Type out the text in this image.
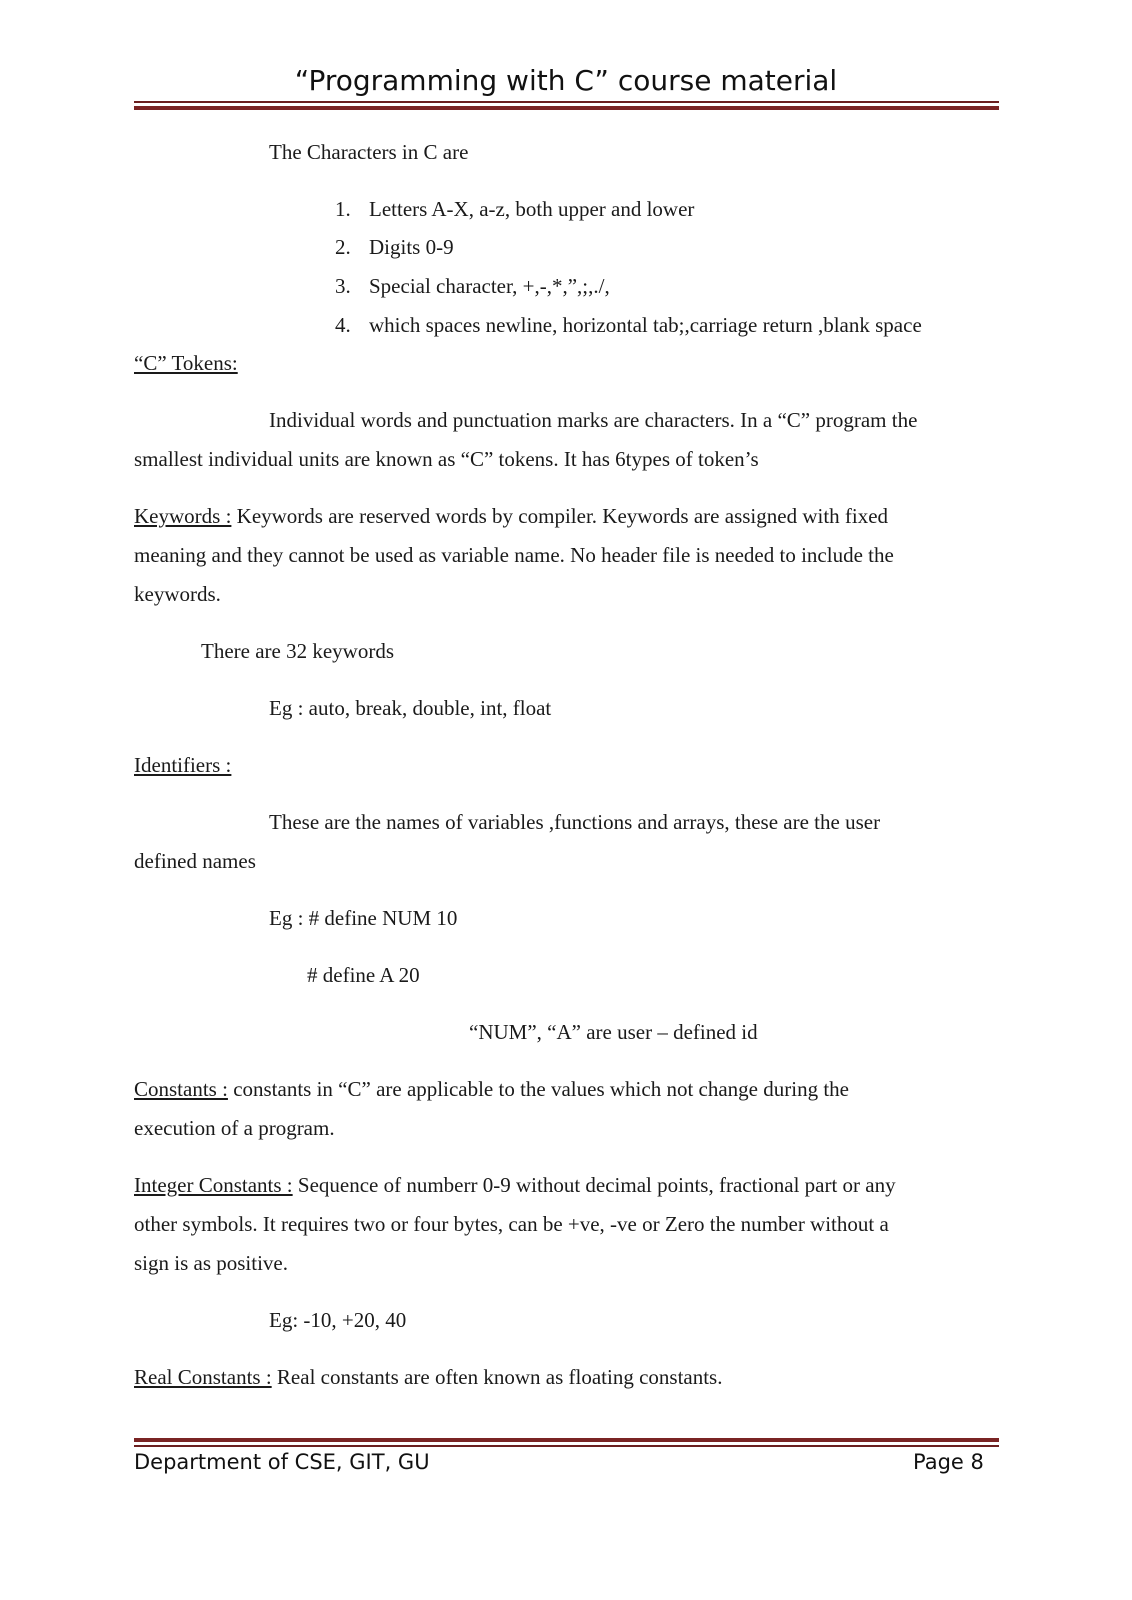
“Programming with C” course material
The Characters in C are
1. Letters A-X, a-z, both upper and lower
2. Digits 0-9
3. Special character, +,-,*,”,;,./,
4. which spaces newline, horizontal tab;,carriage return ,blank space
“C” Tokens:
Individual words and punctuation marks are characters. In a “C” program the
smallest individual units are known as “C” tokens. It has 6types of token’s
Keywords : Keywords are reserved words by compiler. Keywords are assigned with fixed
meaning and they cannot be used as variable name. No header file is needed to include the
keywords.
There are 32 keywords
Eg : auto, break, double, int, float
Identifiers :
These are the names of variables ,functions and arrays, these are the user
defined names
Eg : # define NUM 10
# define A 20
“NUM”, “A” are user – defined id
Constants : constants in “C” are applicable to the values which not change during the
execution of a program.
Integer Constants : Sequence of numberr 0-9 without decimal points, fractional part or any
other symbols. It requires two or four bytes, can be +ve, -ve or Zero the number without a
sign is as positive.
Eg: -10, +20, 40
Real Constants : Real constants are often known as floating constants.
Department of CSE, GIT, GU	Page 8
